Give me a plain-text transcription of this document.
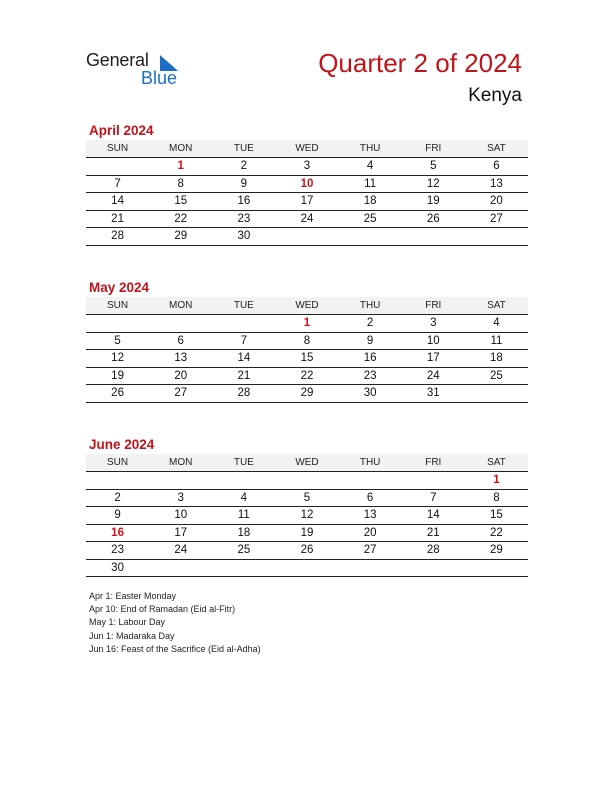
General
Blue	Quarter 2 of 2024
Kenya
April 2024
SUN	MON	TUE	WED	THU	FRI	SAT
	1	2	3	4	5	6
7	8	9	10	11	12	13
14	15	16	17	18	19	20
21	22	23	24	25	26	27
28	29	30				
May 2024
SUN	MON	TUE	WED	THU	FRI	SAT
			1	2	3	4
5	6	7	8	9	10	11
12	13	14	15	16	17	18
19	20	21	22	23	24	25
26	27	28	29	30	31	
June 2024
SUN	MON	TUE	WED	THU	FRI	SAT
						1
2	3	4	5	6	7	8
9	10	11	12	13	14	15
16	17	18	19	20	21	22
23	24	25	26	27	28	29
30						
Apr 1: Easter Monday
Apr 10: End of Ramadan (Eid al-Fitr)
May 1: Labour Day
Jun 1: Madaraka Day
Jun 16: Feast of the Sacrifice (Eid al-Adha)
